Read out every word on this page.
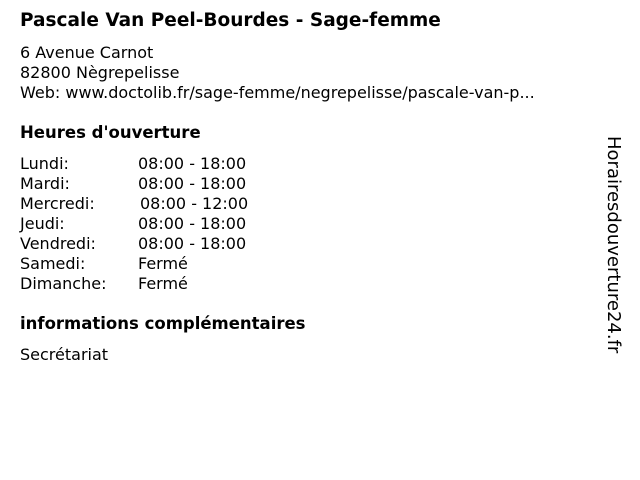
Pascale Van Peel-Bourdes - Sage-femme
6 Avenue Carnot
82800 Nègrepelisse
Web: www.doctolib.fr/sage-femme/negrepelisse/pascale-van-p...
Heures d'ouverture
Lundi:	08:00 - 18:00
Mardi:	08:00 - 18:00
Mercredi:	08:00 - 12:00
Jeudi:	08:00 - 18:00
Vendredi:	08:00 - 18:00
Samedi:	Fermé
Dimanche: Fermé
informations complémentaires
Secrétariat
Horairesdouverture24.fr
